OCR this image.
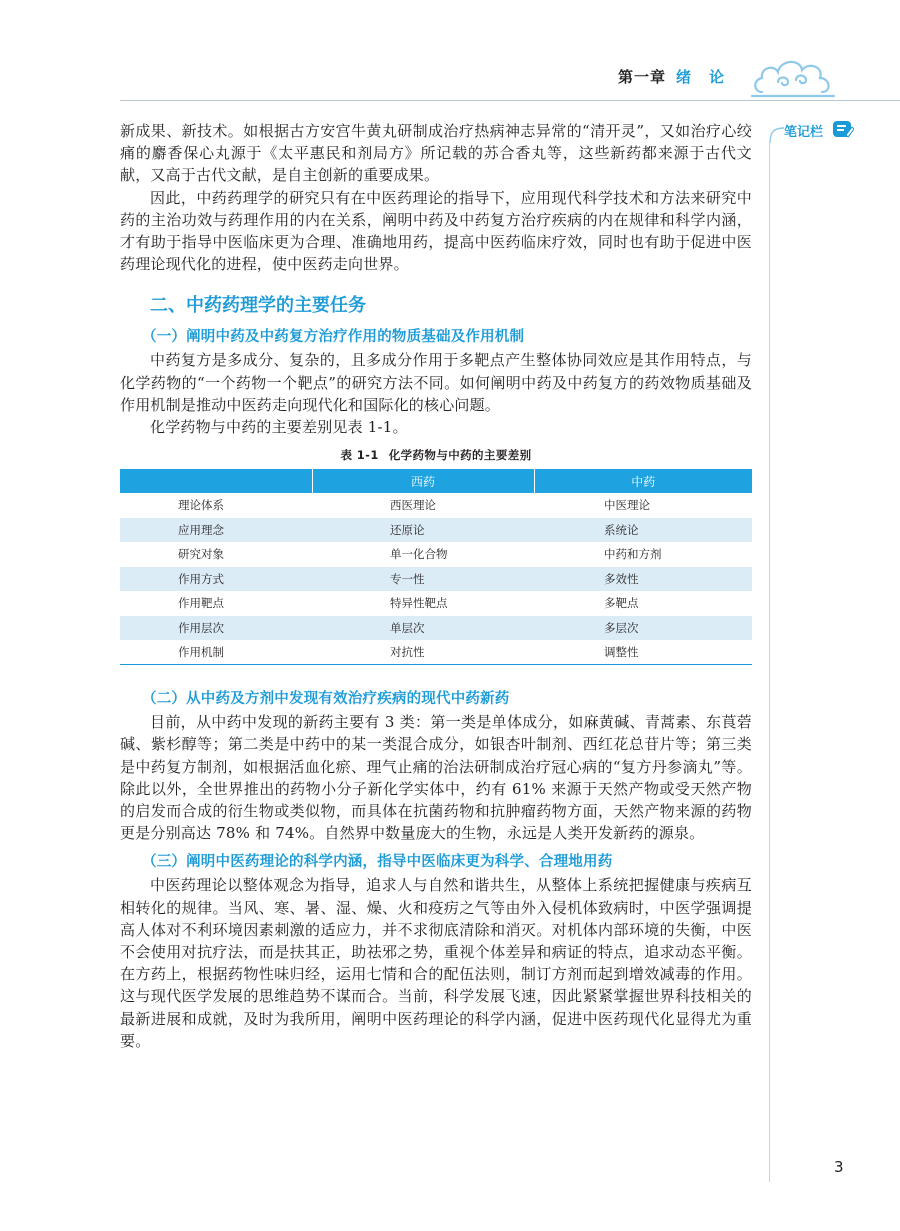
第一章 绪论
笔记栏

新成果、新技术。如根据古方安宫牛黄丸研制成治疗热病神志异常的“清开灵”，又如治疗心绞痛的麝香保心丸源于《太平惠民和剂局方》所记载的苏合香丸等，这些新药都来源于古代文献，又高于古代文献，是自主创新的重要成果。

因此，中药药理学的研究只有在中医药理论的指导下，应用现代科学技术和方法来研究中药的主治功效与药理作用的内在关系，阐明中药及中药复方治疗疾病的内在规律和科学内涵，才有助于指导中医临床更为合理、准确地用药，提高中医药临床疗效，同时也有助于促进中医药理论现代化的进程，使中医药走向世界。

二、中药药理学的主要任务
（一）阐明中药及中药复方治疗作用的物质基础及作用机制

中药复方是多成分、复杂的，且多成分作用于多靶点产生整体协同效应是其作用特点，与化学药物的“一个药物一个靶点”的研究方法不同。如何阐明中药及中药复方的药效物质基础及作用机制是推动中医药走向现代化和国际化的核心问题。

化学药物与中药的主要差别见表 1-1。

表 1-1 化学药物与中药的主要差别
	西药	中药
理论体系	西医理论	中医理论
应用理念	还原论	系统论
研究对象	单一化合物	中药和方剂
作用方式	专一性	多效性
作用靶点	特异性靶点	多靶点
作用层次	单层次	多层次
作用机制	对抗性	调整性
（二）从中药及方剂中发现有效治疗疾病的现代中药新药

目前，从中药中发现的新药主要有 3 类：第一类是单体成分，如麻黄碱、青蒿素、东莨菪碱、紫杉醇等；第二类是中药中的某一类混合成分，如银杏叶制剂、西红花总苷片等；第三类是中药复方制剂，如根据活血化瘀、理气止痛的治法研制成治疗冠心病的“复方丹参滴丸”等。除此以外，全世界推出的药物小分子新化学实体中，约有 61% 来源于天然产物或受天然产物的启发而合成的衍生物或类似物，而具体在抗菌药物和抗肿瘤药物方面，天然产物来源的药物更是分别高达 78% 和 74%。自然界中数量庞大的生物，永远是人类开发新药的源泉。

（三）阐明中医药理论的科学内涵，指导中医临床更为科学、合理地用药

中医药理论以整体观念为指导，追求人与自然和谐共生，从整体上系统把握健康与疾病互相转化的规律。当风、寒、暑、湿、燥、火和疫疠之气等由外入侵机体致病时，中医学强调提高人体对不利环境因素刺激的适应力，并不求彻底清除和消灭。对机体内部环境的失衡，中医不会使用对抗疗法，而是扶其正，助祛邪之势，重视个体差异和病证的特点，追求动态平衡。在方药上，根据药物性味归经，运用七情和合的配伍法则，制订方剂而起到增效减毒的作用。这与现代医学发展的思维趋势不谋而合。当前，科学发展飞速，因此紧紧掌握世界科技相关的最新进展和成就，及时为我所用，阐明中医药理论的科学内涵，促进中医药现代化显得尤为重要。

3
